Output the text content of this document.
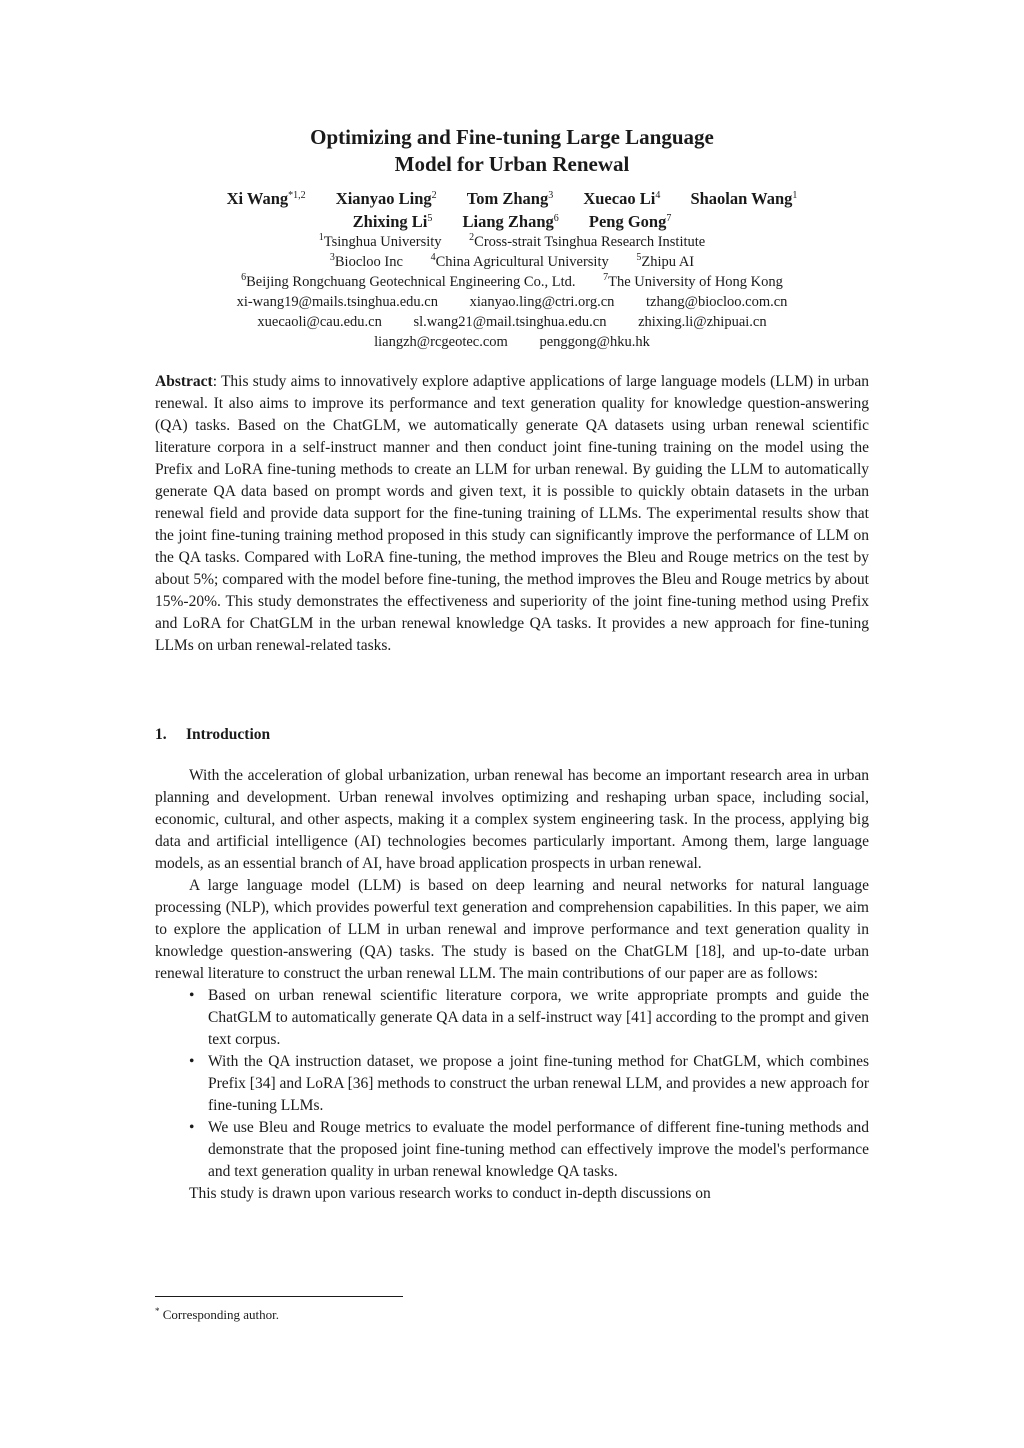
Optimizing and Fine-tuning Large Language
Model for Urban Renewal
Xi Wang$^{*1,2}$ Xianyao Ling$^2$ Tom Zhang$^3$ Xuecao Li$^4$ Shaolan Wang$^1$
Zhixing Li$^5$ Liang Zhang$^6$ Peng Gong$^7$
$^1$Tsinghua University	$^2$Cross-strait Tsinghua Research Institute
$^3$Biocloo Inc	$^4$China Agricultural University	$^5$Zhipu AI
$^6$Beijing Rongchuang Geotechnical Engineering Co., Ltd.	$^7$The University of Hong Kong
xi-wang19@mails.tsinghua.edu.cn xianyao.ling@ctri.org.cn tzhang@biocloo.com.cn
xuecaoli@cau.edu.cn sl.wang21@mail.tsinghua.edu.cn zhixing.li@zhipuai.cn
liangzh@rcgeotec.com penggong@hku.hk
Abstract: This study aims to innovatively explore adaptive applications of large language models (LLM) in urban renewal. It also aims to improve its performance and text generation quality for knowledge question-answering (QA) tasks. Based on the ChatGLM, we automatically generate QA datasets using urban renewal scientific literature corpora in a self-instruct manner and then conduct joint fine-tuning training on the model using the Prefix and LoRA fine-tuning methods to create an LLM for urban renewal. By guiding the LLM to automatically generate QA data based on prompt words and given text, it is possible to quickly obtain datasets in the urban renewal field and provide data support for the fine-tuning training of LLMs. The experimental results show that the joint fine-tuning training method proposed in this study can significantly improve the performance of LLM on the QA tasks. Compared with LoRA fine-tuning, the method improves the Bleu and Rouge metrics on the test by about 5%; compared with the model before fine-tuning, the method improves the Bleu and Rouge metrics by about 15%-20%. This study demonstrates the effectiveness and superiority of the joint fine-tuning method using Prefix and LoRA for ChatGLM in the urban renewal knowledge QA tasks. It provides a new approach for fine-tuning LLMs on urban renewal-related tasks.
1. Introduction

With the acceleration of global urbanization, urban renewal has become an important research area in urban planning and development. Urban renewal involves optimizing and reshaping urban space, including social, economic, cultural, and other aspects, making it a complex system engineering task. In the process, applying big data and artificial intelligence (AI) technologies becomes particularly important. Among them, large language models, as an essential branch of AI, have broad application prospects in urban renewal.

A large language model (LLM) is based on deep learning and neural networks for natural language processing (NLP), which provides powerful text generation and comprehension capabilities. In this paper, we aim to explore the application of LLM in urban renewal and improve performance and text generation quality in knowledge question-answering (QA) tasks. The study is based on the ChatGLM [18], and up-to-date urban renewal literature to construct the urban renewal LLM. The main contributions of our paper are as follows:

• Based on urban renewal scientific literature corpora, we write appropriate prompts and guide the ChatGLM to automatically generate QA data in a self-instruct way [41] according to the prompt and given text corpus.
• With the QA instruction dataset, we propose a joint fine-tuning method for ChatGLM, which combines Prefix [34] and LoRA [36] methods to construct the urban renewal LLM, and provides a new approach for fine-tuning LLMs.
• We use Bleu and Rouge metrics to evaluate the model performance of different fine-tuning methods and demonstrate that the proposed joint fine-tuning method can effectively improve the model's performance and text generation quality in urban renewal knowledge QA tasks.

This study is drawn upon various research works to conduct in-depth discussions on

* Corresponding author.
